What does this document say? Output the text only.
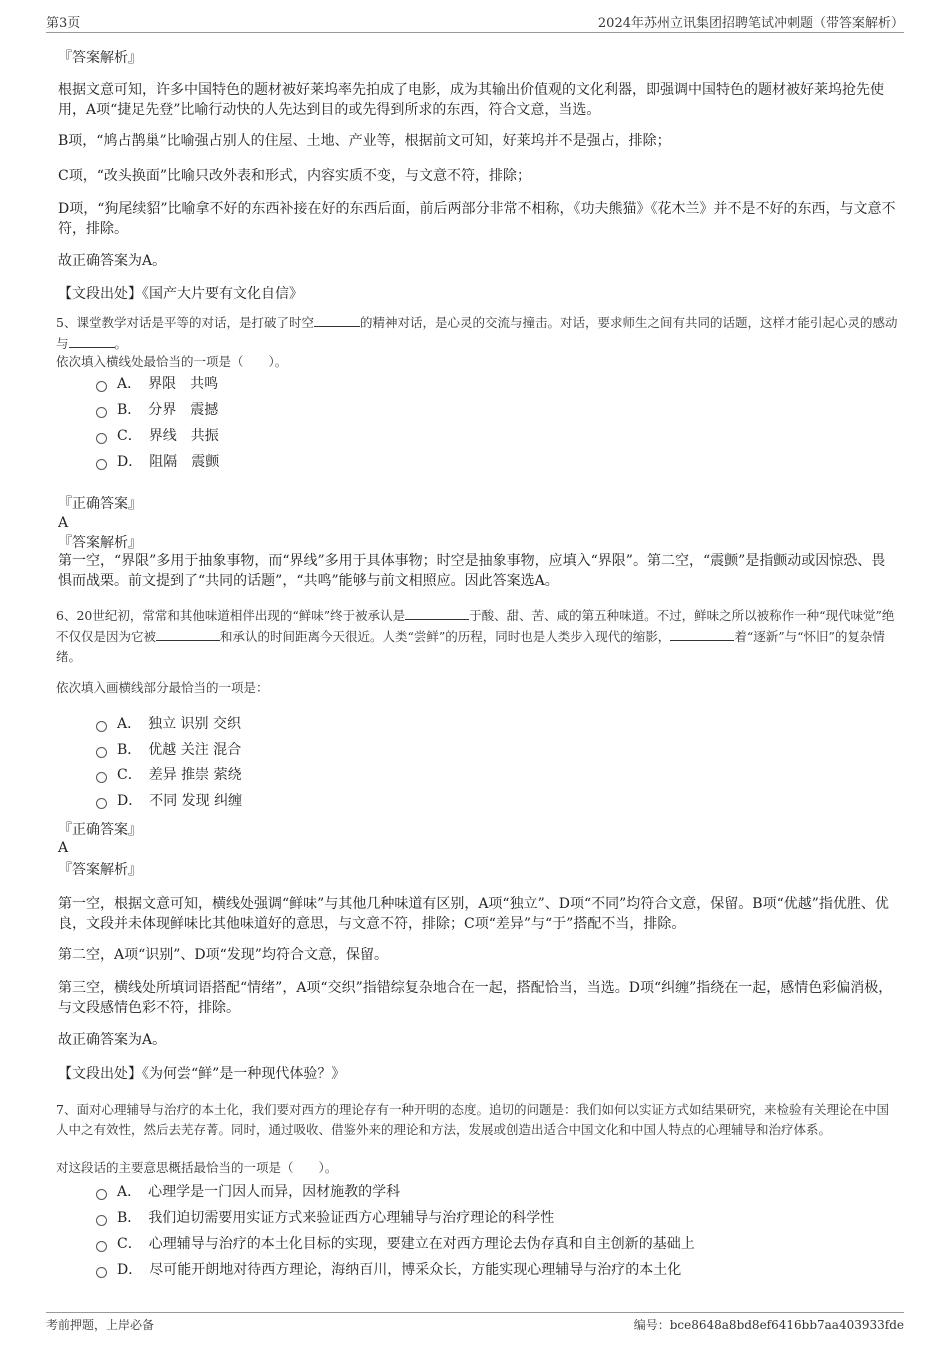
第3页	2024年苏州立讯集团招聘笔试冲刺题（带答案解析）

『答案解析』

根据文意可知，许多中国特色的题材被好莱坞率先拍成了电影，成为其输出价值观的文化利器，即强调中国特色的题材被好莱坞抢先使用，A项“捷足先登”比喻行动快的人先达到目的或先得到所求的东西，符合文意，当选。

B项，“鸠占鹊巢”比喻强占别人的住屋、土地、产业等，根据前文可知，好莱坞并不是强占，排除；

C项，“改头换面”比喻只改外表和形式，内容实质不变，与文意不符，排除；

D项，“狗尾续貂”比喻拿不好的东西补接在好的东西后面，前后两部分非常不相称，《功夫熊猫》《花木兰》并不是不好的东西，与文意不符，排除。

故正确答案为A。

【文段出处】《国产大片要有文化自信》

5、课堂教学对话是平等的对话，是打破了时空	的精神对话，是心灵的交流与撞击。对话，要求师生之间有共同的话题，这样才能引起心灵的感动与	。

依次填入横线处最恰当的一项是（　　）。

A．　界限　共鸣
B．　分界　震撼
C．　界线　共振
D．　阻隔　震颤

『正确答案』

A

『答案解析』

第一空，“界限”多用于抽象事物，而“界线”多用于具体事物；时空是抽象事物，应填入“界限”。第二空，“震颤”是指颤动或因惊恐、畏惧而战栗。前文提到了“共同的话题”，“共鸣”能够与前文相照应。因此答案选A。

6、20世纪初，常常和其他味道相伴出现的“鲜味”终于被承认是	于酸、甜、苦、咸的第五种味道。不过，鲜味之所以被称作一种“现代味觉”绝不仅仅是因为它被	和承认的时间距离今天很近。人类“尝鲜”的历程，同时也是人类步入现代的缩影，	着“逐新”与“怀旧”的复杂情绪。

依次填入画横线部分最恰当的一项是：

A．　独立 识别 交织
B．　优越 关注 混合
C．　差异 推崇 萦绕
D．　不同 发现 纠缠

『正确答案』

A

『答案解析』

第一空，根据文意可知，横线处强调“鲜味”与其他几种味道有区别，A项“独立”、D项“不同”均符合文意，保留。B项“优越”指优胜、优良，文段并未体现鲜味比其他味道好的意思，与文意不符，排除；C项“差异”与“于”搭配不当，排除。

第二空，A项“识别”、D项“发现”均符合文意，保留。

第三空，横线处所填词语搭配“情绪”，A项“交织”指错综复杂地合在一起，搭配恰当，当选。D项“纠缠”指绕在一起，感情色彩偏消极，与文段感情色彩不符，排除。

故正确答案为A。

【文段出处】《为何尝“鲜”是一种现代体验？》

7、面对心理辅导与治疗的本土化，我们要对西方的理论存有一种开明的态度。追切的问题是：我们如何以实证方式如结果研究，来检验有关理论在中国人中之有效性，然后去芜存菁。同时，通过吸收、借鉴外来的理论和方法，发展或创造出适合中国文化和中国人特点的心理辅导和治疗体系。

对这段话的主要意思概括最恰当的一项是（　　）。

A．　心理学是一门因人而异，因材施教的学科
B．　我们迫切需要用实证方式来验证西方心理辅导与治疗理论的科学性
C．　心理辅导与治疗的本土化目标的实现，要建立在对西方理论去伪存真和自主创新的基础上
D．　尽可能开朗地对待西方理论，海纳百川，博采众长，方能实现心理辅导与治疗的本土化
考前押题，上岸必备	编号：bce8648a8bd8ef6416bb7aa403933fde
